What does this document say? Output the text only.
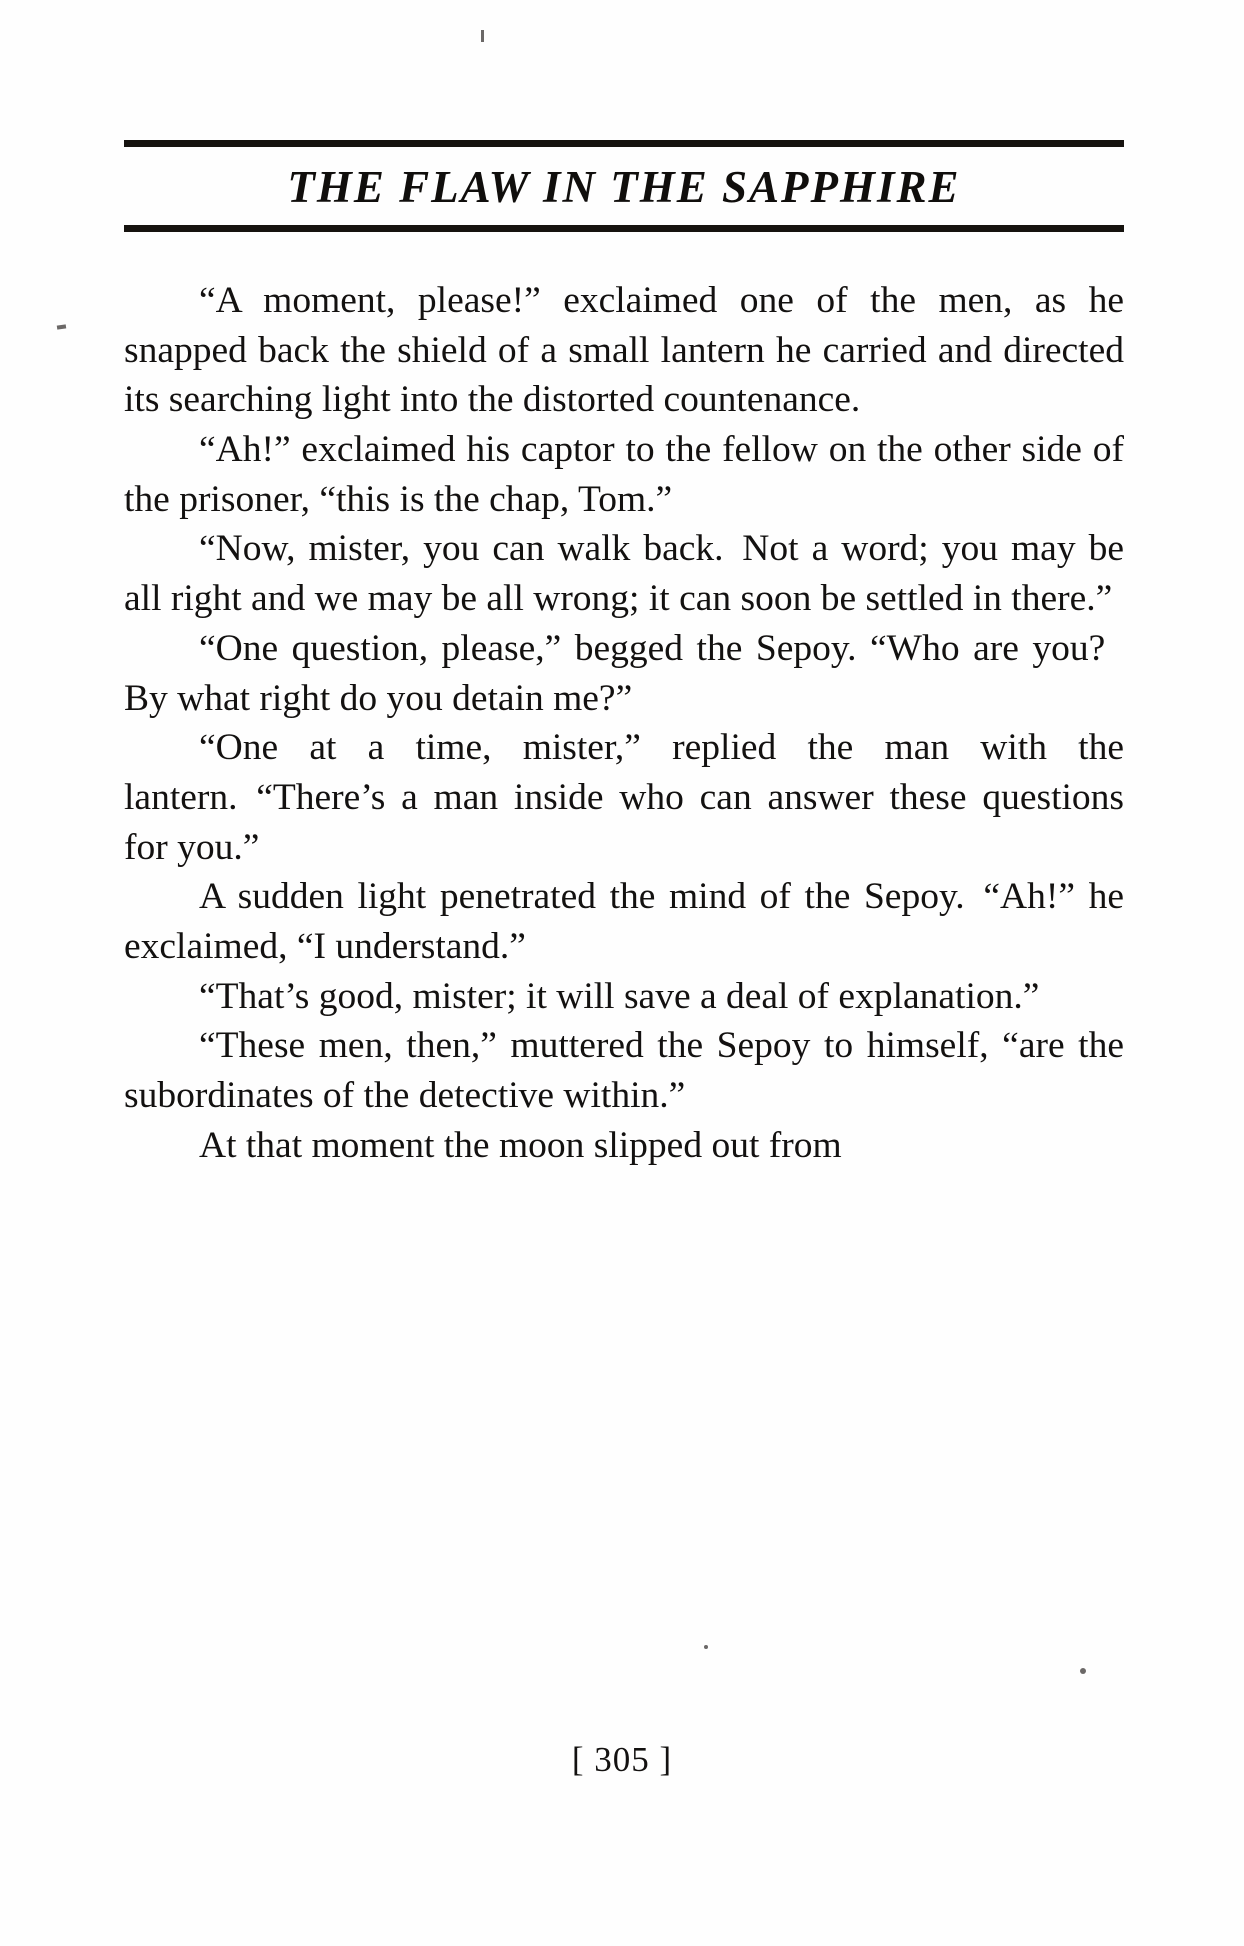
THE FLAW IN THE SAPPHIRE

“A moment, please!” exclaimed one of the men, as he snapped back the shield of a small lantern he carried and directed its searching light into the distorted countenance.

“Ah!” exclaimed his captor to the fellow on the other side of the prisoner, “this is the chap, Tom.”

“Now, mister, you can walk back. Not a word; you may be all right and we may be all wrong; it can soon be settled in there.”

“One question, please,” begged the Sepoy. “Who are you? By what right do you detain me?”

“One at a time, mister,” replied the man with the lantern. “There’s a man inside who can answer these questions for you.”

A sudden light penetrated the mind of the Sepoy. “Ah!” he exclaimed, “I understand.”

“That’s good, mister; it will save a deal of explanation.”

“These men, then,” muttered the Sepoy to himself, “are the subordinates of the detective within.”

At that moment the moon slipped out from

[ 305 ]
